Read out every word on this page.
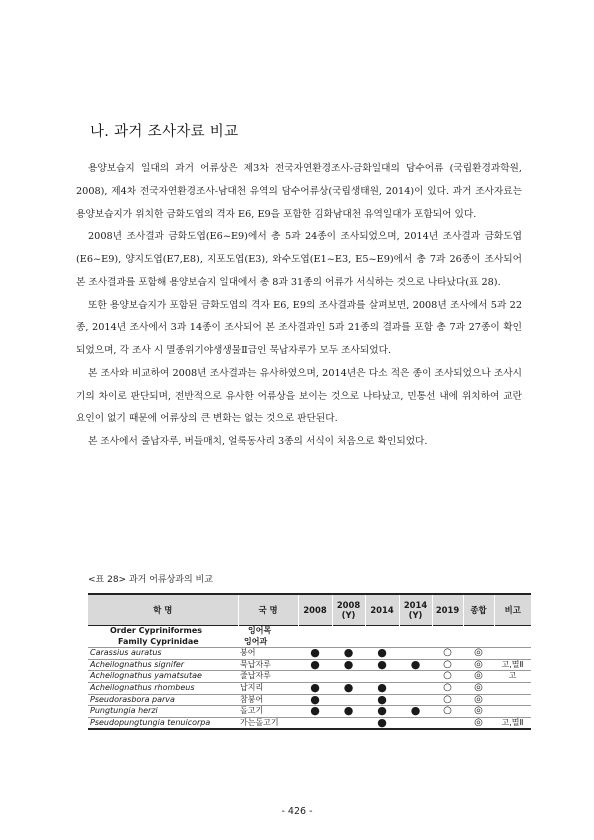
나. 과거 조사자료 비교

용양보습지 일대의 과거 어류상은 제3차 전국자연환경조사-금화일대의 담수어류 (국립환경과학원, 2008), 제4차 전국자연환경조사-남대천 유역의 담수어류상(국립생태원, 2014)이 있다. 과거 조사자료는 용양보습지가 위치한 금화도엽의 격자 E6, E9을 포함한 김화남대천 유역일대가 포함되어 있다.

2008년 조사결과 금화도엽(E6~E9)에서 총 5과 24종이 조사되었으며, 2014년 조사결과 금화도엽(E6~E9), 양지도엽(E7,E8), 지포도엽(E3), 와수도엽(E1~E3, E5~E9)에서 총 7과 26종이 조사되어 본 조사결과를 포함해 용양보습지 일대에서 총 8과 31종의 어류가 서식하는 것으로 나타났다(표 28).

또한 용양보습지가 포함된 금화도엽의 격자 E6, E9의 조사결과를 살펴보면, 2008년 조사에서 5과 22종, 2014년 조사에서 3과 14종이 조사되어 본 조사결과인 5과 21종의 결과를 포함 총 7과 27종이 확인되었으며, 각 조사 시 멸종위기야생생물Ⅱ급인 묵납자루가 모두 조사되었다.

본 조사와 비교하여 2008년 조사결과는 유사하였으며, 2014년은 다소 적은 종이 조사되었으나 조사시기의 차이로 판단되며, 전반적으로 유사한 어류상을 보이는 것으로 나타났고, 민통선 내에 위치하여 교란 요인이 없기 때문에 어류상의 큰 변화는 없는 것으로 판단된다.

본 조사에서 줄납자루, 버들매치, 얼룩동사리 3종의 서식이 처음으로 확인되었다.

<표 28> 과거 어류상과의 비교
학 명	국 명	2008	2008
(Y)	2014	2014
(Y)	2019	종합	비고
Order Cypriniformes	잉어목							
Family Cyprinidae	잉어과							
Carassius auratus	붕어	●	●	●		○	◎	
Acheilognathus signifer	묵납자루	●	●	●	●	○	◎	고,멸Ⅱ
Acheilognathus yamatsutae	줄납자루					○	◎	고
Acheilognathus rhombeus	납지리	●	●	●		○	◎	
Pseudorasbora parva	참붕어	●		●		○	◎	
Pungtungia herzi	돌고기	●	●	●	●	○	◎	
Pseudopungtungia tenuicorpa	가는돌고기			●			◎	고,멸Ⅱ
- 426 -
